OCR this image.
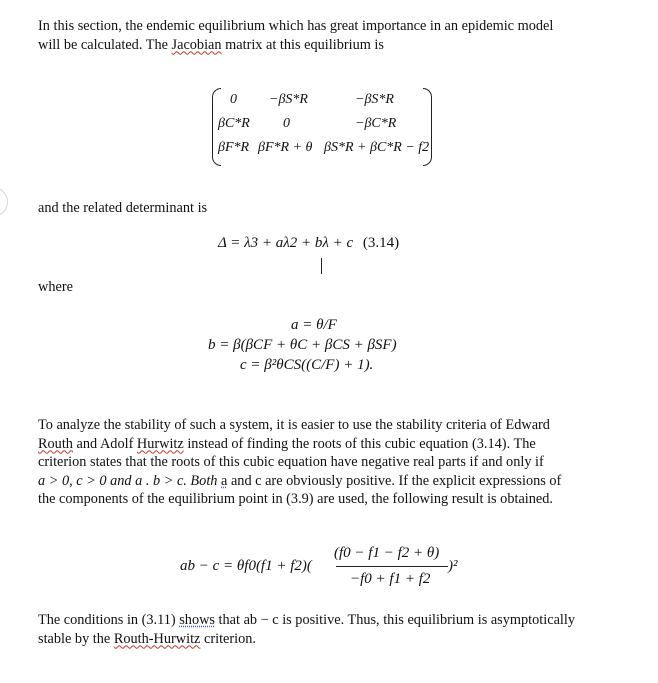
In this section, the endemic equilibrium which has great importance in an epidemic model
will be calculated. The Jacobian matrix at this equilibrium is

0 −βS*R	−βS*R
βC*R 0	−βC*R
βF*R βF*R + θ βS*R + βC*R − f2

and the related determinant is

Δ = λ3 + aλ2 + bλ + c (3.14)

where

a = θ/F
b = β(βCF + θC + βCS + βSF)
c = β²θCS((C/F) + 1).

To analyze the stability of such a system, it is easier to use the stability criteria of Edward
Routh and Adolf Hurwitz instead of finding the roots of this cubic equation (3.14). The
criterion states that the roots of this cubic equation have negative real parts if and only if
a > 0, c > 0 and a . b > c. Both a and c are obviously positive. If the explicit expressions of
the components of the equilibrium point in (3.9) are used, the following result is obtained.

ab − c = θf0(f1 + f2)(
(f0 − f1 − f2 + θ)
−f0 + f1 + f2
)²

The conditions in (3.11) shows that ab − c is positive. Thus, this equilibrium is asymptotically
stable by the Routh-Hurwitz criterion.
